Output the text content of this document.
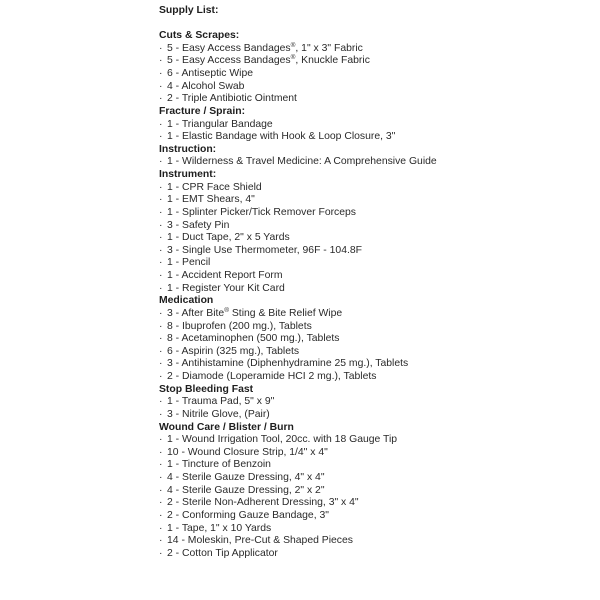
Supply List:
Cuts & Scrapes:
· 5 - Easy Access Bandages®, 1" x 3" Fabric
· 5 - Easy Access Bandages®, Knuckle Fabric
· 6 - Antiseptic Wipe
· 4 - Alcohol Swab
· 2 - Triple Antibiotic Ointment
Fracture / Sprain:
· 1 - Triangular Bandage
· 1 - Elastic Bandage with Hook & Loop Closure, 3"
Instruction:
· 1 - Wilderness & Travel Medicine: A Comprehensive Guide
Instrument:
· 1 - CPR Face Shield
· 1 - EMT Shears, 4"
· 1 - Splinter Picker/Tick Remover Forceps
· 3 - Safety Pin
· 1 - Duct Tape, 2" x 5 Yards
· 3 - Single Use Thermometer, 96F - 104.8F
· 1 - Pencil
· 1 - Accident Report Form
· 1 - Register Your Kit Card
Medication
· 3 - After Bite® Sting & Bite Relief Wipe
· 8 - Ibuprofen (200 mg.), Tablets
· 8 - Acetaminophen (500 mg.), Tablets
· 6 - Aspirin (325 mg.), Tablets
· 3 - Antihistamine (Diphenhydramine 25 mg.), Tablets
· 2 - Diamode (Loperamide HCI 2 mg.), Tablets
Stop Bleeding Fast
· 1 - Trauma Pad, 5" x 9"
· 3 - Nitrile Glove, (Pair)
Wound Care / Blister / Burn
· 1 - Wound Irrigation Tool, 20cc. with 18 Gauge Tip
· 10 - Wound Closure Strip, 1/4" x 4"
· 1 - Tincture of Benzoin
· 4 - Sterile Gauze Dressing, 4" x 4"
· 4 - Sterile Gauze Dressing, 2" x 2"
· 2 - Sterile Non-Adherent Dressing, 3" x 4"
· 2 - Conforming Gauze Bandage, 3"
· 1 - Tape, 1" x 10 Yards
· 14 - Moleskin, Pre-Cut & Shaped Pieces
· 2 - Cotton Tip Applicator
